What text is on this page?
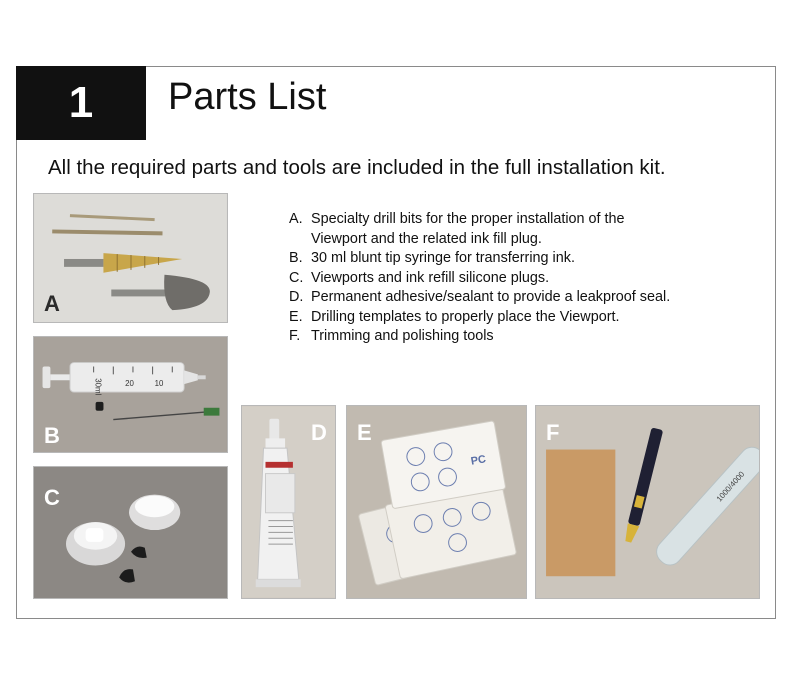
1 Parts List
All the required parts and tools are included in the full installation kit.
A. Specialty drill bits for the proper installation of the
Viewport and the related ink fill plug.
B. 30 ml blunt tip syringe for transferring ink.
C. Viewports and ink refill silicone plugs.
D. Permanent adhesive/sealant to provide a leakproof seal.
E. Drilling templates to properly place the Viewport.
F. Trimming and polishing tools
A
30ml	20	10
B
C
D
PC
E
1000/4000
F
